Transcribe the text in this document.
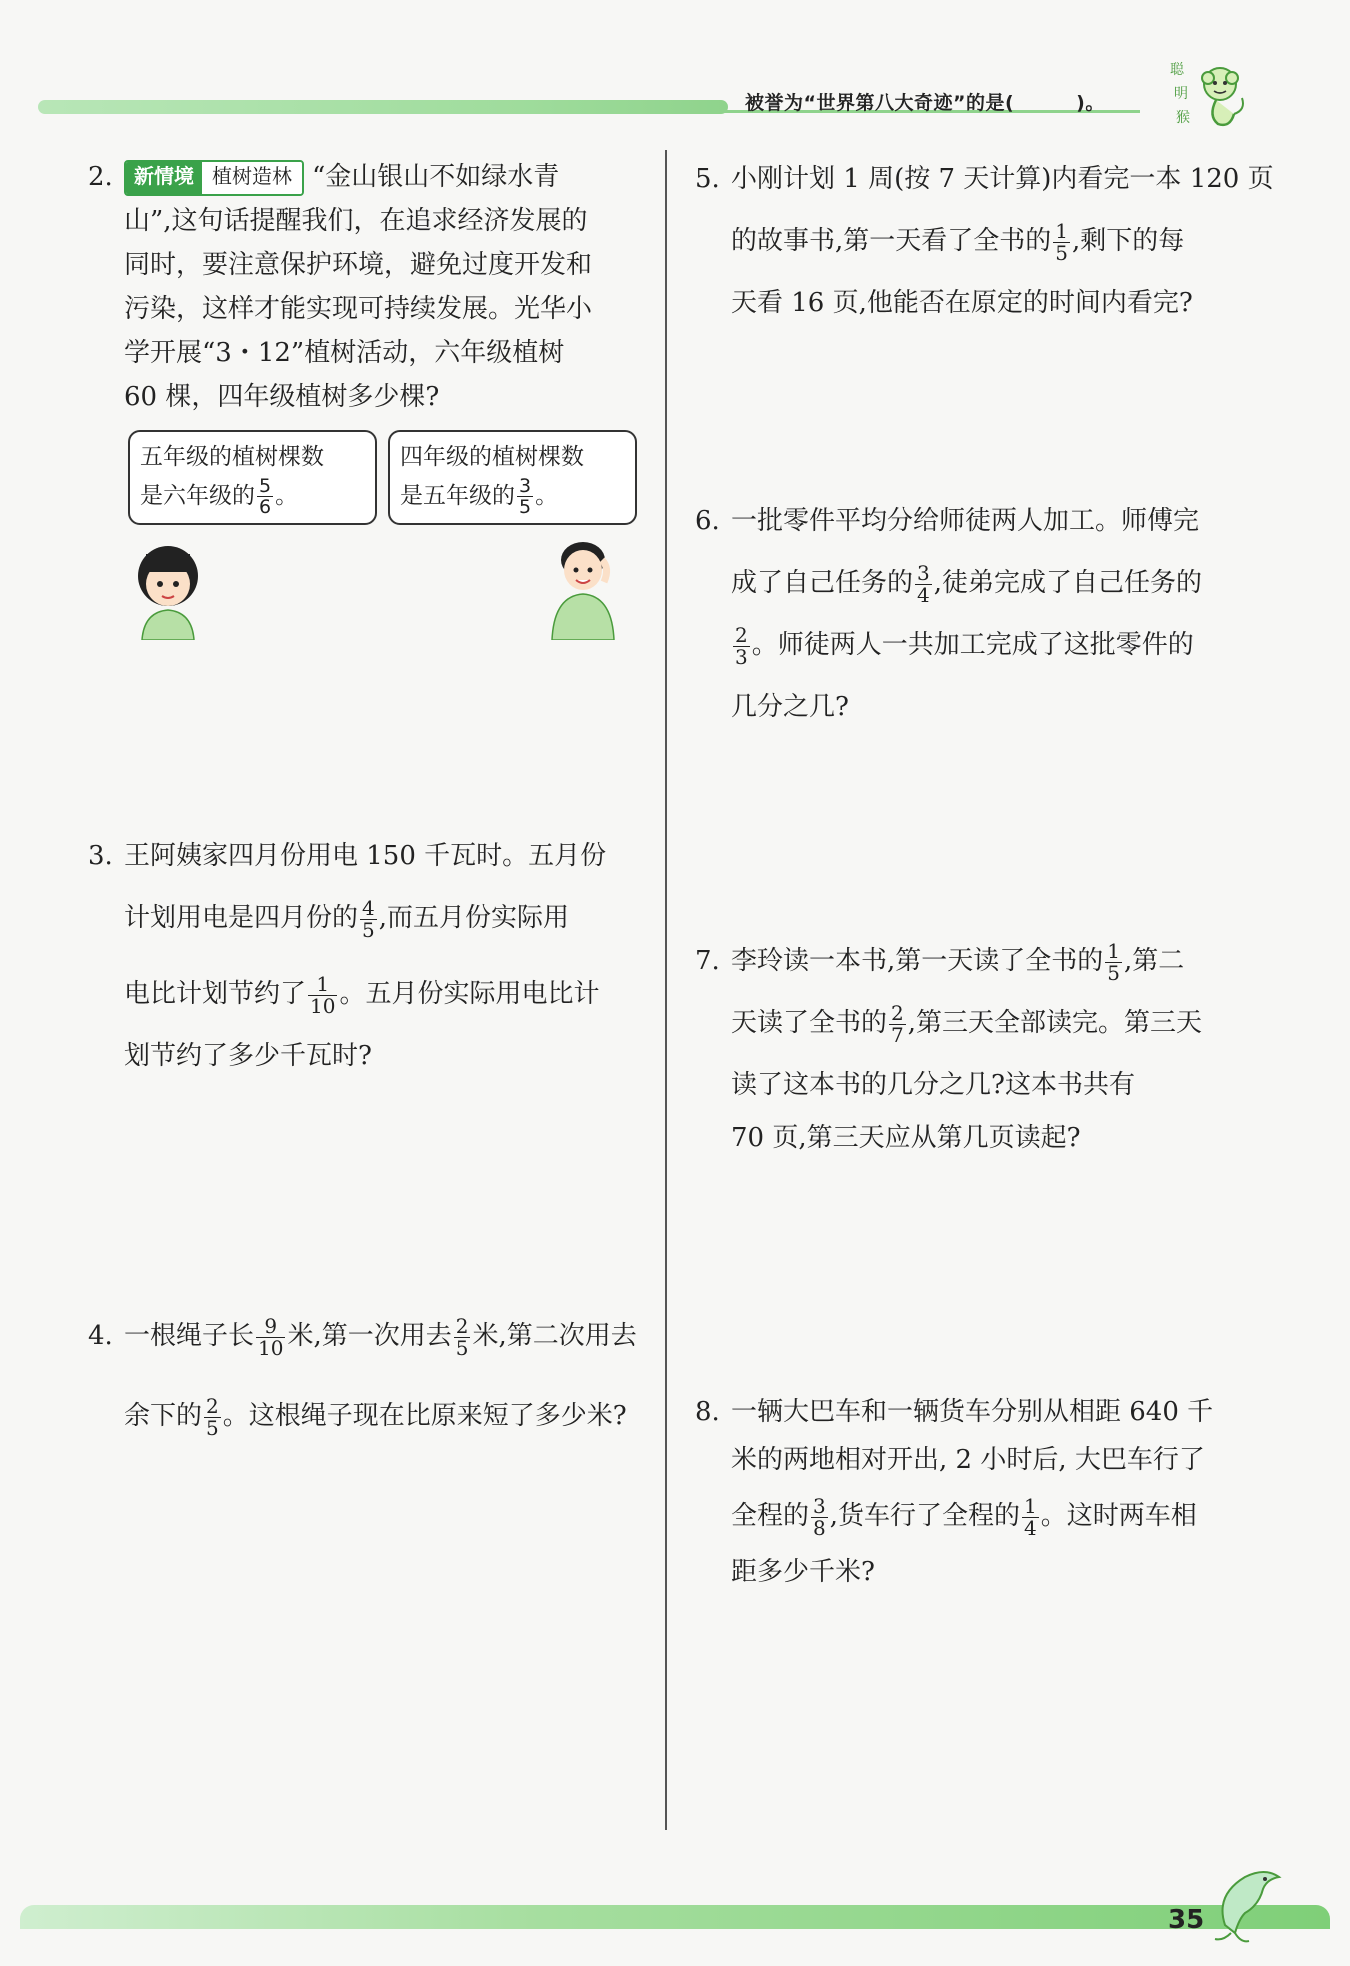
被誉为“世界第八大奇迹”的是(	)。
聪
明
猴
2.	新情境 植树造林 “金山银山不如绿水青
山”,这句话提醒我们，在追求经济发展的
同时，要注意保护环境，避免过度开发和
污染，这样才能实现可持续发展。光华小
学开展“3・12”植树活动，六年级植树
60 棵，四年级植树多少棵?
五年级的植树棵数
是六年级的 $\frac{5}{6}$ 。
四年级的植树棵数
是五年级的 $\frac{3}{5}$ 。
3. 王阿姨家四月份用电 150 千瓦时。五月份
计划用电是四月份的 $\frac{4}{5}$ ,而五月份实际用
电比计划节约了 $\frac{1}{10}$ 。五月份实际用电比计
划节约了多少千瓦时?
4. 一根绳子长 $\frac{9}{10}$ 米,第一次用去 $\frac{2}{5}$ 米,第二次用去
余下的 $\frac{2}{5}$ 。这根绳子现在比原来短了多少米?
5. 小刚计划 1 周(按 7 天计算)内看完一本 120 页
的故事书,第一天看了全书的 $\frac{1}{5}$ ,剩下的每
天看 16 页,他能否在原定的时间内看完?
6. 一批零件平均分给师徒两人加工。师傅完
成了自己任务的 $\frac{3}{4}$ ,徒弟完成了自己任务的
$\frac{2}{3}$ 。师徒两人一共加工完成了这批零件的
几分之几?
7. 李玲读一本书,第一天读了全书的 $\frac{1}{5}$ ,第二
天读了全书的 $\frac{2}{7}$ ,第三天全部读完。第三天
读了这本书的几分之几?这本书共有
70 页,第三天应从第几页读起?
8. 一辆大巴车和一辆货车分别从相距 640 千
米的两地相对开出, 2 小时后, 大巴车行了
全程的 $\frac{3}{8}$ ,货车行了全程的 $\frac{1}{4}$ 。这时两车相
距多少千米?
35
